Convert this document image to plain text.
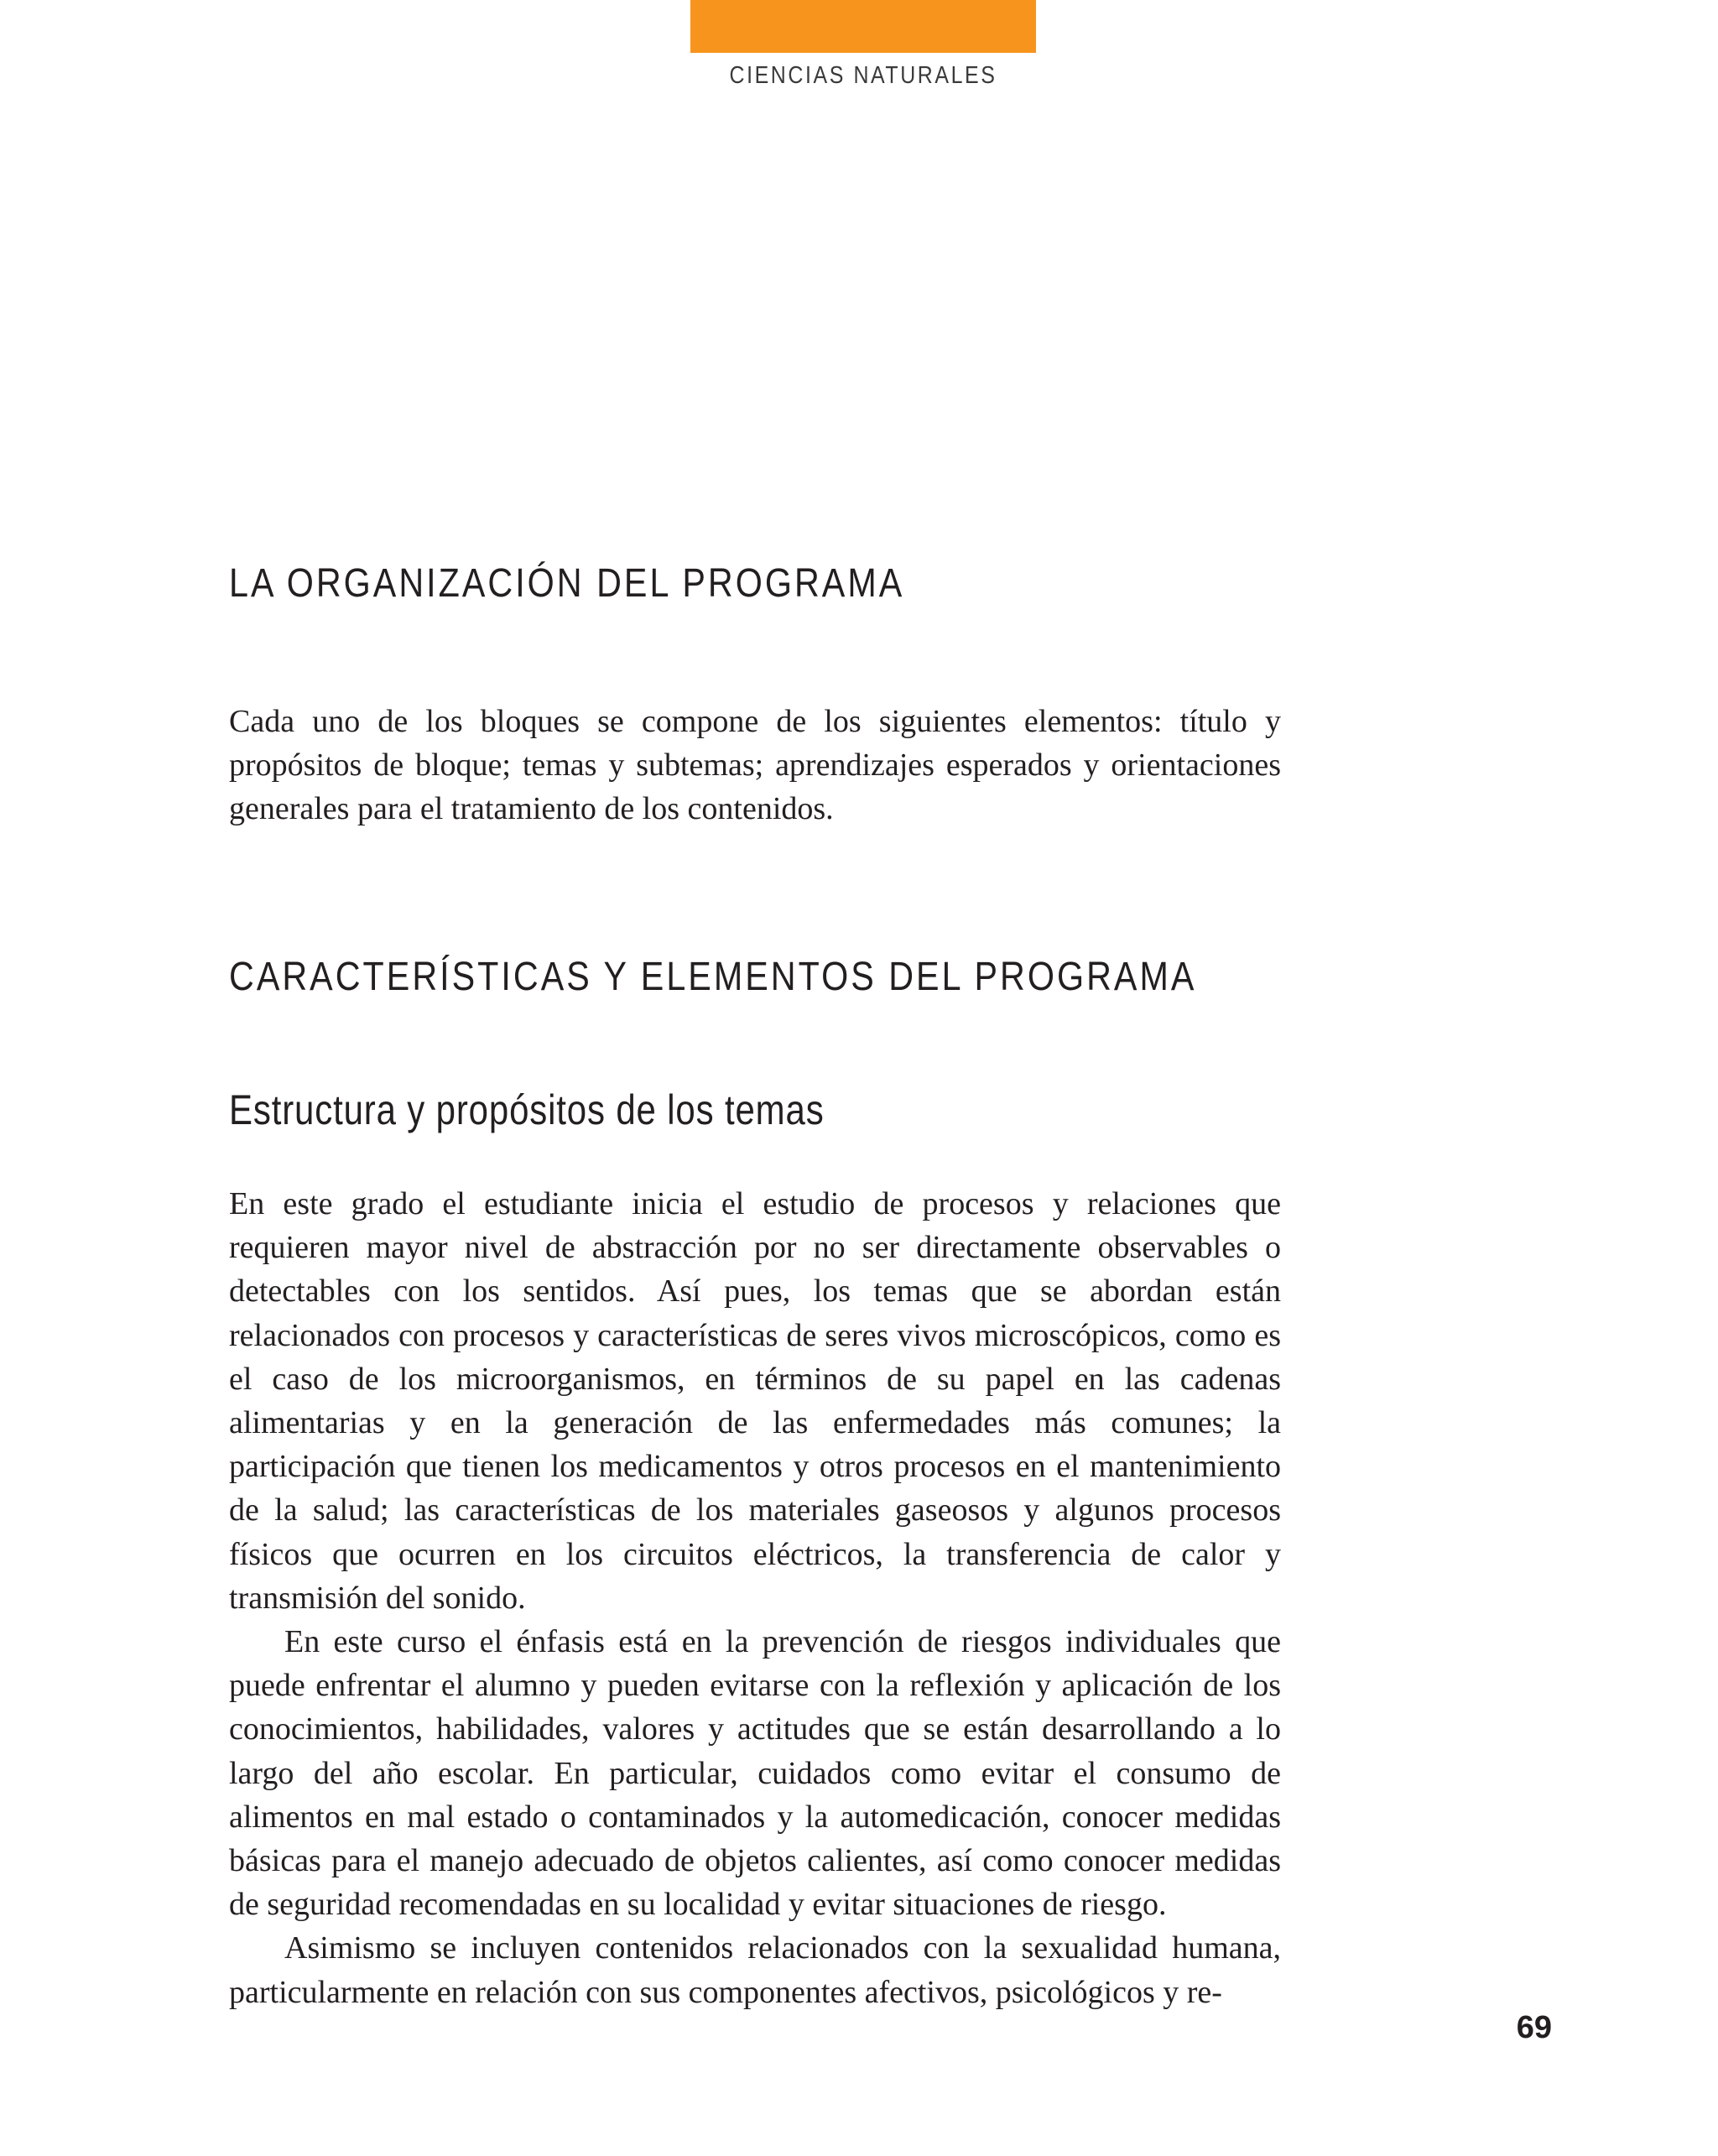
CIENCIAS NATURALES
LA ORGANIZACIÓN DEL PROGRAMA

Cada uno de los bloques se compone de los siguientes elementos: título y propósitos de bloque; temas y subtemas; aprendizajes esperados y orientaciones generales para el tratamiento de los contenidos.

CARACTERÍSTICAS Y ELEMENTOS DEL PROGRAMA
Estructura y propósitos de los temas

En este grado el estudiante inicia el estudio de procesos y relaciones que requieren mayor nivel de abstracción por no ser directamente observables o detectables con los sentidos. Así pues, los temas que se abordan están relacionados con procesos y características de seres vivos microscópicos, como es el caso de los microorganismos, en términos de su papel en las cadenas alimentarias y en la generación de las enfermedades más comunes; la participación que tienen los medicamentos y otros procesos en el mantenimiento de la salud; las características de los materiales gaseosos y algunos procesos físicos que ocurren en los circuitos eléctricos, la transferencia de calor y transmisión del sonido.

En este curso el énfasis está en la prevención de riesgos individuales que puede enfrentar el alumno y pueden evitarse con la reflexión y aplicación de los conocimientos, habilidades, valores y actitudes que se están desarrollando a lo largo del año escolar. En particular, cuidados como evitar el consumo de alimentos en mal estado o contaminados y la automedicación, conocer medidas básicas para el manejo adecuado de objetos calientes, así como conocer medidas de seguridad recomendadas en su localidad y evitar situaciones de riesgo.

Asimismo se incluyen contenidos relacionados con la sexualidad humana, particularmente en relación con sus componentes afectivos, psicológicos y re-

69
